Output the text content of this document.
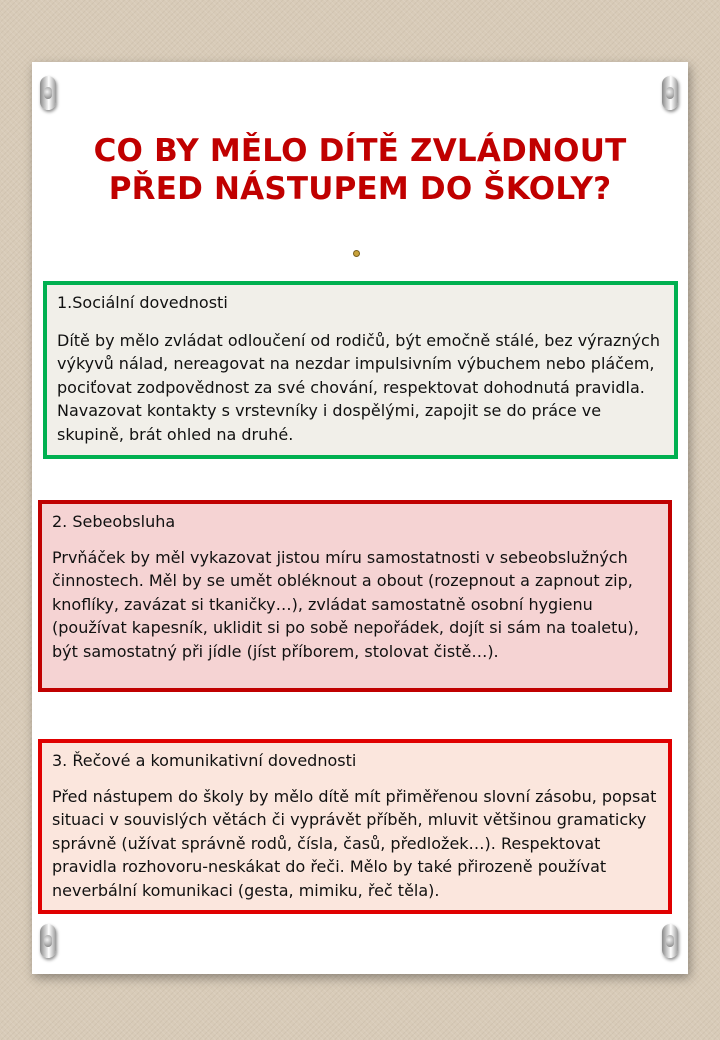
CO BY MĚLO DÍTĚ ZVLÁDNOUT PŘED NÁSTUPEM DO ŠKOLY?
1.Sociální dovednosti
Dítě by mělo zvládat odloučení od rodičů, být emočně stálé, bez výrazných výkyvů nálad, nereagovat na nezdar impulsivním výbuchem nebo pláčem, pociťovat zodpovědnost za své chování, respektovat dohodnutá pravidla. Navazovat kontakty s vrstevníky i dospělými, zapojit se do práce ve skupině, brát ohled na druhé.
2. Sebeobsluha
Prvňáček by měl vykazovat jistou míru samostatnosti v sebeobslužných činnostech. Měl by se umět obléknout a obout (rozepnout a zapnout zip, knoflíky, zavázat si tkaničky…), zvládat samostatně osobní hygienu (používat kapesník, uklidit si po sobě nepořádek, dojít si sám na toaletu), být samostatný při jídle (jíst příborem, stolovat čistě…).
3. Řečové a komunikativní dovednosti
Před nástupem do školy by mělo dítě mít přiměřenou slovní zásobu, popsat situaci v souvislých větách či vyprávět příběh, mluvit většinou gramaticky správně (užívat správně rodů, čísla, časů, předložek…). Respektovat pravidla rozhovoru-neskákat do řeči. Mělo by také přirozeně používat neverbální komunikaci (gesta, mimiku, řeč těla).
